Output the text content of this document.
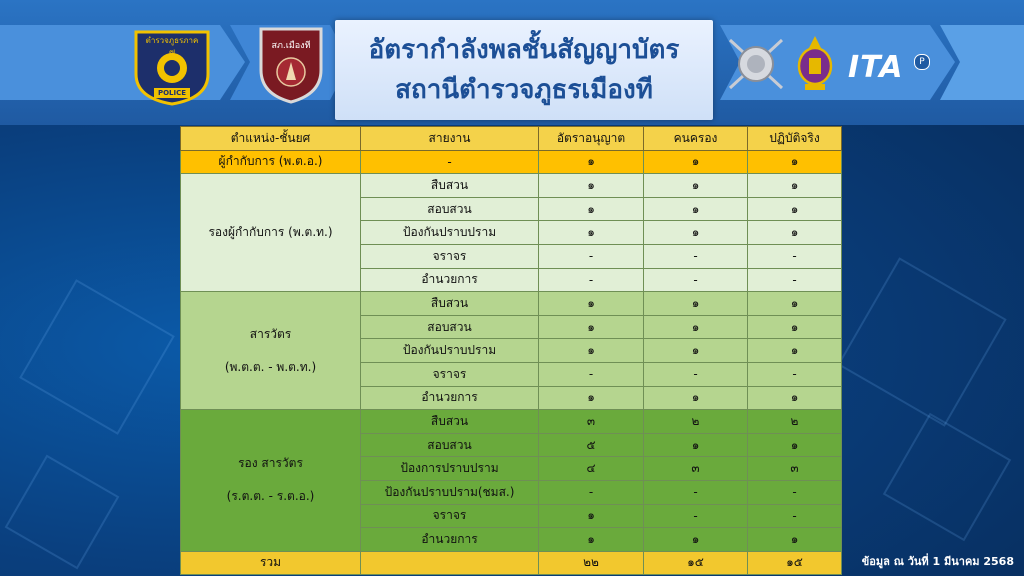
ตำรวจภูธรภาค
๗
POLICE
สภ.เมืองที	อัตรากำลังพลชั้นสัญญาบัตร
สถานีตำรวจภูธรเมืองที
ITA	P
ตำแหน่ง-ชั้นยศ	สายงาน	อัตราอนุญาต	คนครอง	ปฏิบัติจริง
ผู้กำกับการ (พ.ต.อ.)	-	๑	๑	๑

รองผู้กำกับการ (พ.ต.ท.)	สืบสวน	๑	๑	๑
	สอบสวน	๑	๑	๑
	ป้องกันปราบปราม	๑	๑	๑
	จราจร	-	-	-
	อำนวยการ	-	-	-

สารวัตร
(พ.ต.ต. - พ.ต.ท.)	สืบสวน	๑	๑	๑
	สอบสวน	๑	๑	๑
	ป้องกันปราบปราม	๑	๑	๑
	จราจร	-	-	-
	อำนวยการ	๑	๑	๑

รอง สารวัตร
(ร.ต.ต. - ร.ต.อ.)	สืบสวน	๓	๒	๒
	สอบสวน	๕	๑	๑
	ป้องการปราบปราม	๔	๓	๓
	ป้องกันปราบปราม(ชมส.)	-	-	-
	จราจร	๑	-	-
	อำนวยการ	๑	๑	๑
รวม		๒๒	๑๕	๑๕	ข้อมูล ณ วันที่ 1 มีนาคม 2568
